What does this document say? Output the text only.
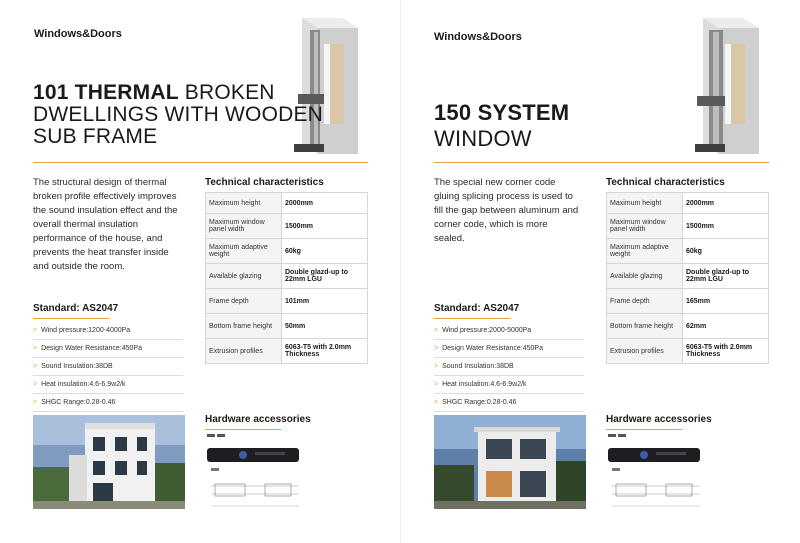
Windows&Doors
101 THERMAL BROKEN
DWELLINGS WITH WOODEN
SUB FRAME
The structural design of thermal broken profile effectively improves the sound insulation effect and the overall thermal insulation performance of the house, and prevents the heat transfer inside and outside the room.
Technical characteristics
Maximum height	2000mm
Maximum window panel width	1500mm
Maximum adaptive weight	60kg
Available glazing	Double glazd-up to 22mm LGU
Frame depth	101mm
Bottom frame height	50mm
Extrusion profiles	6063-T5 with 2.0mm Thickness
Standard: AS2047
> Wind pressure:1200-4000Pa
> Design Water Resistance:450Pa
> Sound Insulation:38DB
> Heat insulation:4.6-6.9w2/k
> SHGC Range:0.28-0.46
Hardware accessories
Windows&Doors
150 SYSTEM
WINDOW
The special new corner code gluing splicing process is used to fill the gap between aluminum and corner code, which is more sealed.
Technical characteristics
Maximum height	2000mm
Maximum window panel width	1500mm
Maximum adaptive weight	60kg
Available glazing	Double glazd-up to 22mm LGU
Frame depth	165mm
Bottom frame height	62mm
Extrusion profiles	6063-T5 with 2.0mm Thickness
Standard: AS2047
> Wind pressure:2000-5000Pa
> Design Water Resistance:450Pa
> Sound Insulation:38DB
> Heat insulation:4.6-6.9w2/k
> SHGC Range:0.28-0.46
Hardware accessories
